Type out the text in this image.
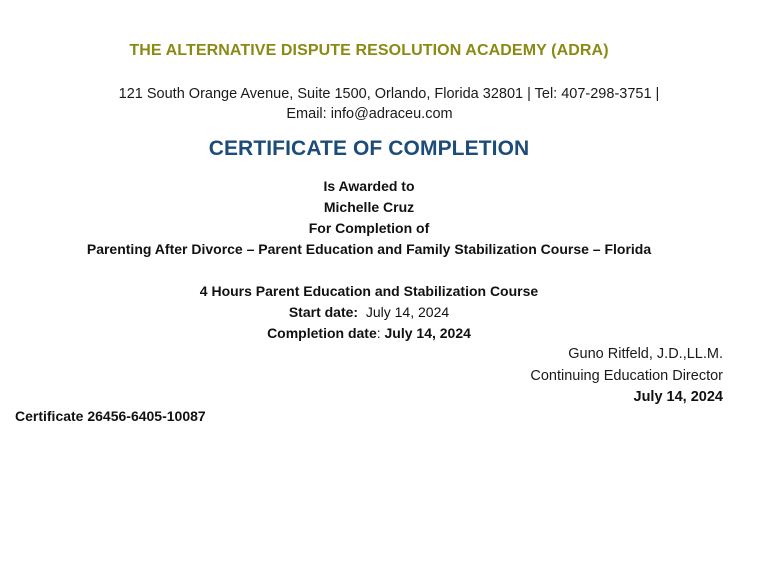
THE ALTERNATIVE DISPUTE RESOLUTION ACADEMY (ADRA)
121 South Orange Avenue, Suite 1500, Orlando, Florida 32801 | Tel: 407-298-3751 |
Email: info@adraceu.com
CERTIFICATE OF COMPLETION
Is Awarded to
Michelle Cruz
For Completion of
Parenting After Divorce – Parent Education and Family Stabilization Course – Florida
4 Hours Parent Education and Stabilization Course
Start date: July 14, 2024
Completion date: July 14, 2024
Guno Ritfeld, J.D.,LL.M.
Continuing Education Director
July 14, 2024
Certificate 26456-6405-10087
